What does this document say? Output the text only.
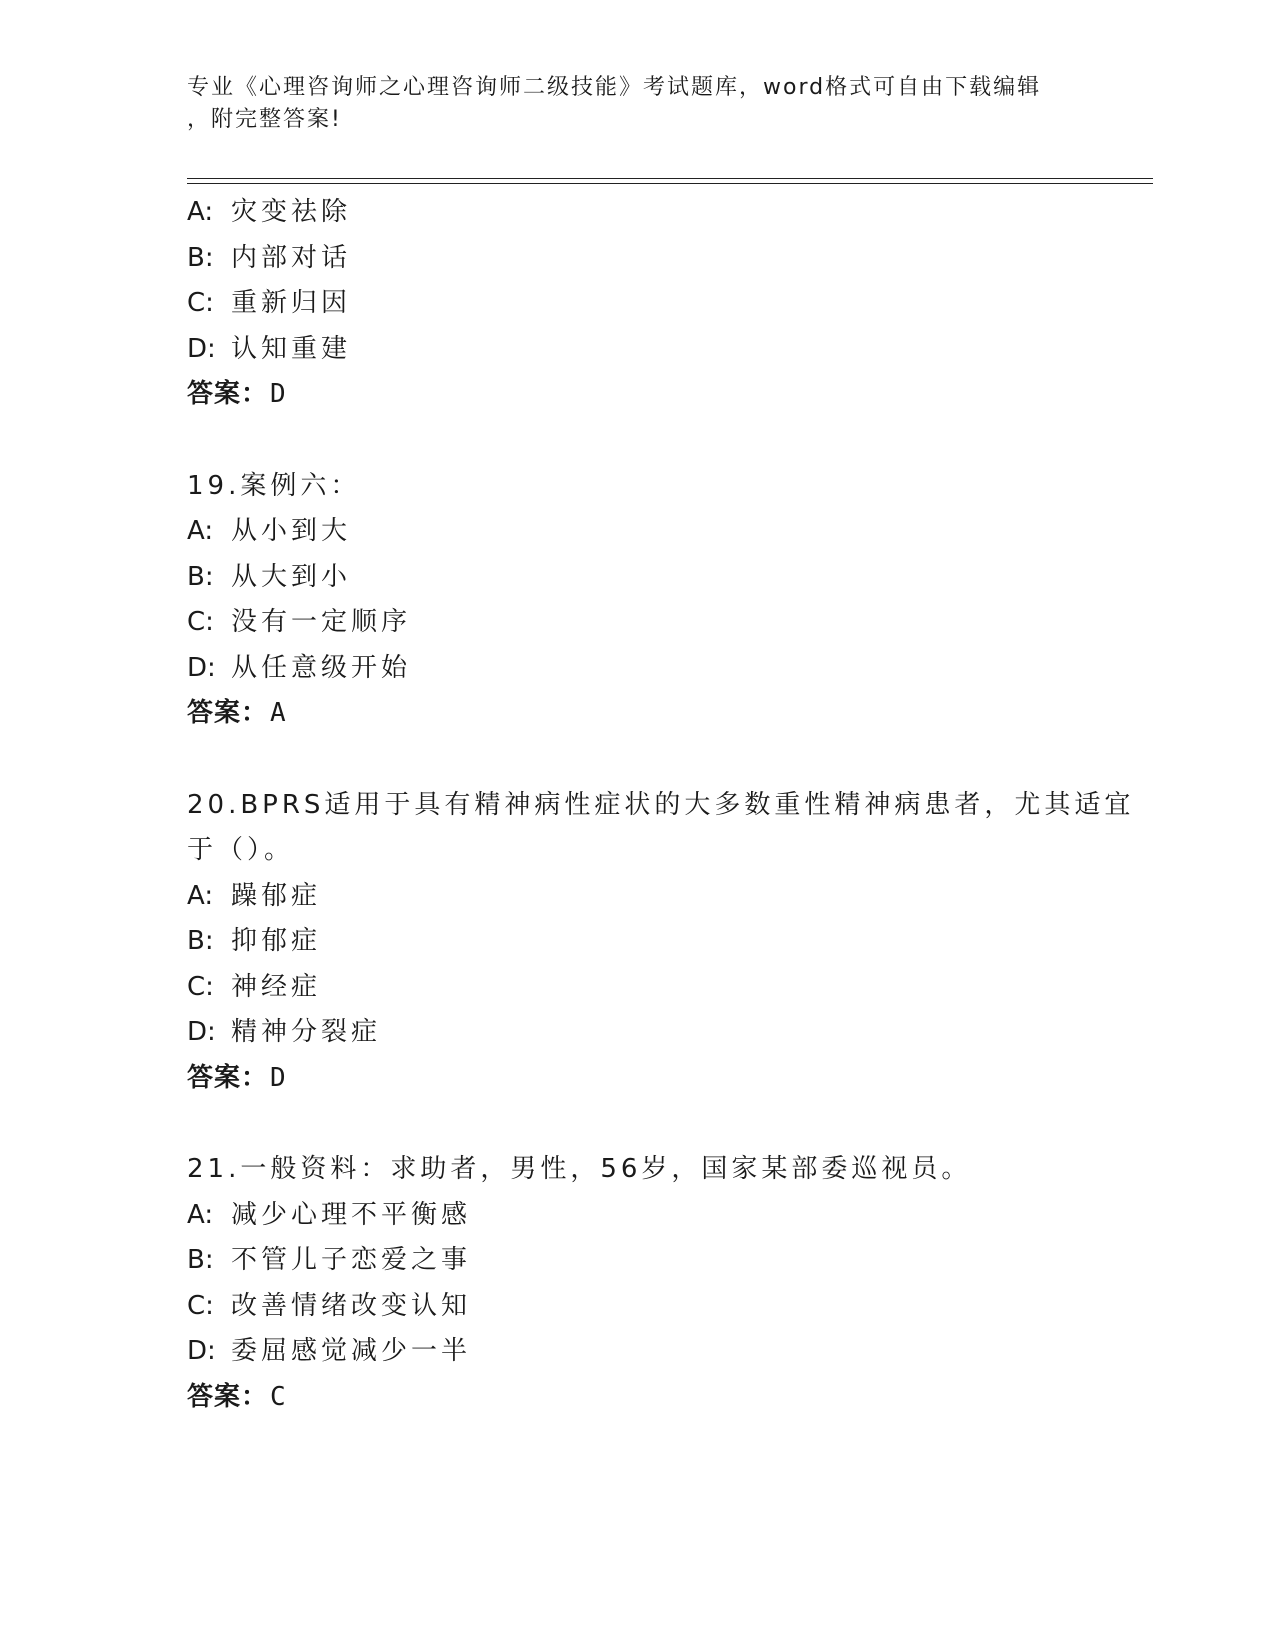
专业《心理咨询师之心理咨询师二级技能》考试题库，word格式可自由下载编辑
，附完整答案!
A: 灾变祛除
B: 内部对话
C: 重新归因
D: 认知重建
答案：D
19.案例六：
A: 从小到大
B: 从大到小
C: 没有一定顺序
D: 从任意级开始
答案：A
20.BPRS适用于具有精神病性症状的大多数重性精神病患者，尤其适宜
于（）。
A: 躁郁症
B: 抑郁症
C: 神经症
D: 精神分裂症
答案：D
21.一般资料：求助者，男性，56岁，国家某部委巡视员。
A: 减少心理不平衡感
B: 不管儿子恋爱之事
C: 改善情绪改变认知
D: 委屈感觉减少一半
答案：C
